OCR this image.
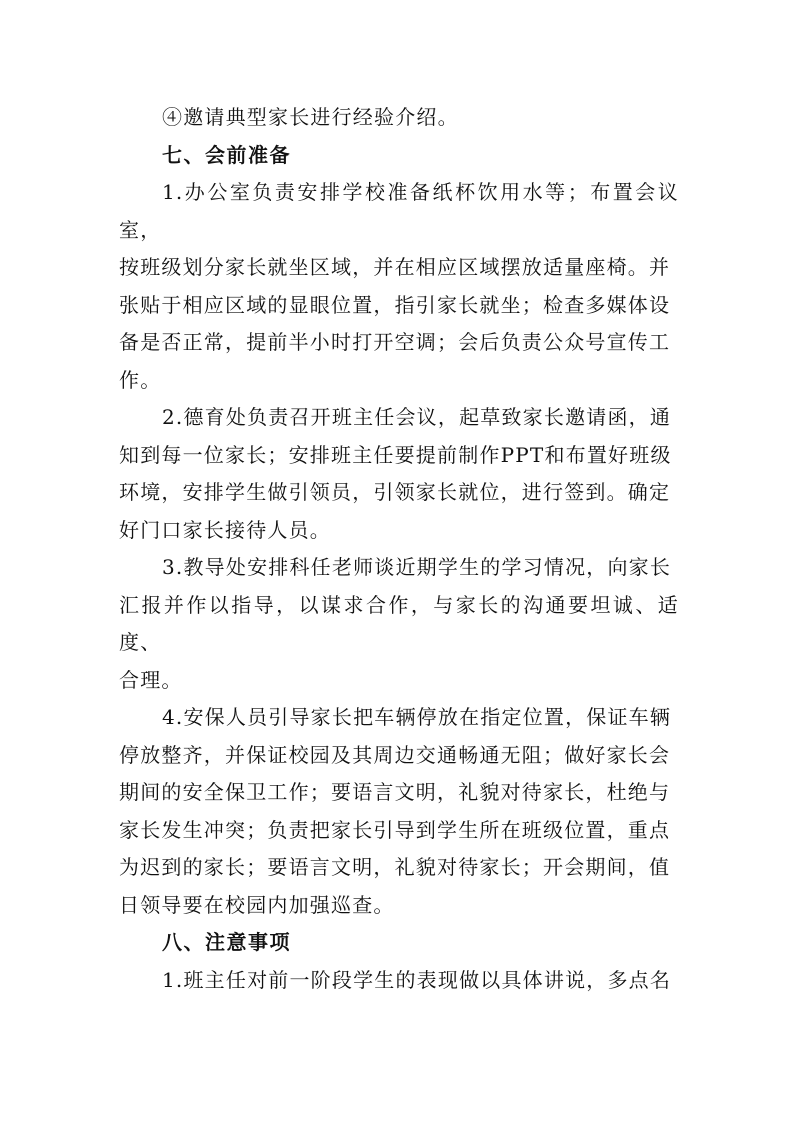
④邀请典型家长进行经验介绍。

七、会前准备

1.办公室负责安排学校准备纸杯饮用水等；布置会议室，
按班级划分家长就坐区域，并在相应区域摆放适量座椅。并
张贴于相应区域的显眼位置，指引家长就坐；检查多媒体设
备是否正常，提前半小时打开空调；会后负责公众号宣传工
作。

2.德育处负责召开班主任会议，起草致家长邀请函，通
知到每一位家长；安排班主任要提前制作PPT和布置好班级
环境，安排学生做引领员，引领家长就位，进行签到。确定
好门口家长接待人员。

3.教导处安排科任老师谈近期学生的学习情况，向家长
汇报并作以指导，以谋求合作，与家长的沟通要坦诚、适度、
合理。

4.安保人员引导家长把车辆停放在指定位置，保证车辆
停放整齐，并保证校园及其周边交通畅通无阻；做好家长会
期间的安全保卫工作；要语言文明，礼貌对待家长，杜绝与
家长发生冲突；负责把家长引导到学生所在班级位置，重点
为迟到的家长；要语言文明，礼貌对待家长；开会期间，值
日领导要在校园内加强巡查。

八、注意事项

1.班主任对前一阶段学生的表现做以具体讲说，多点名
